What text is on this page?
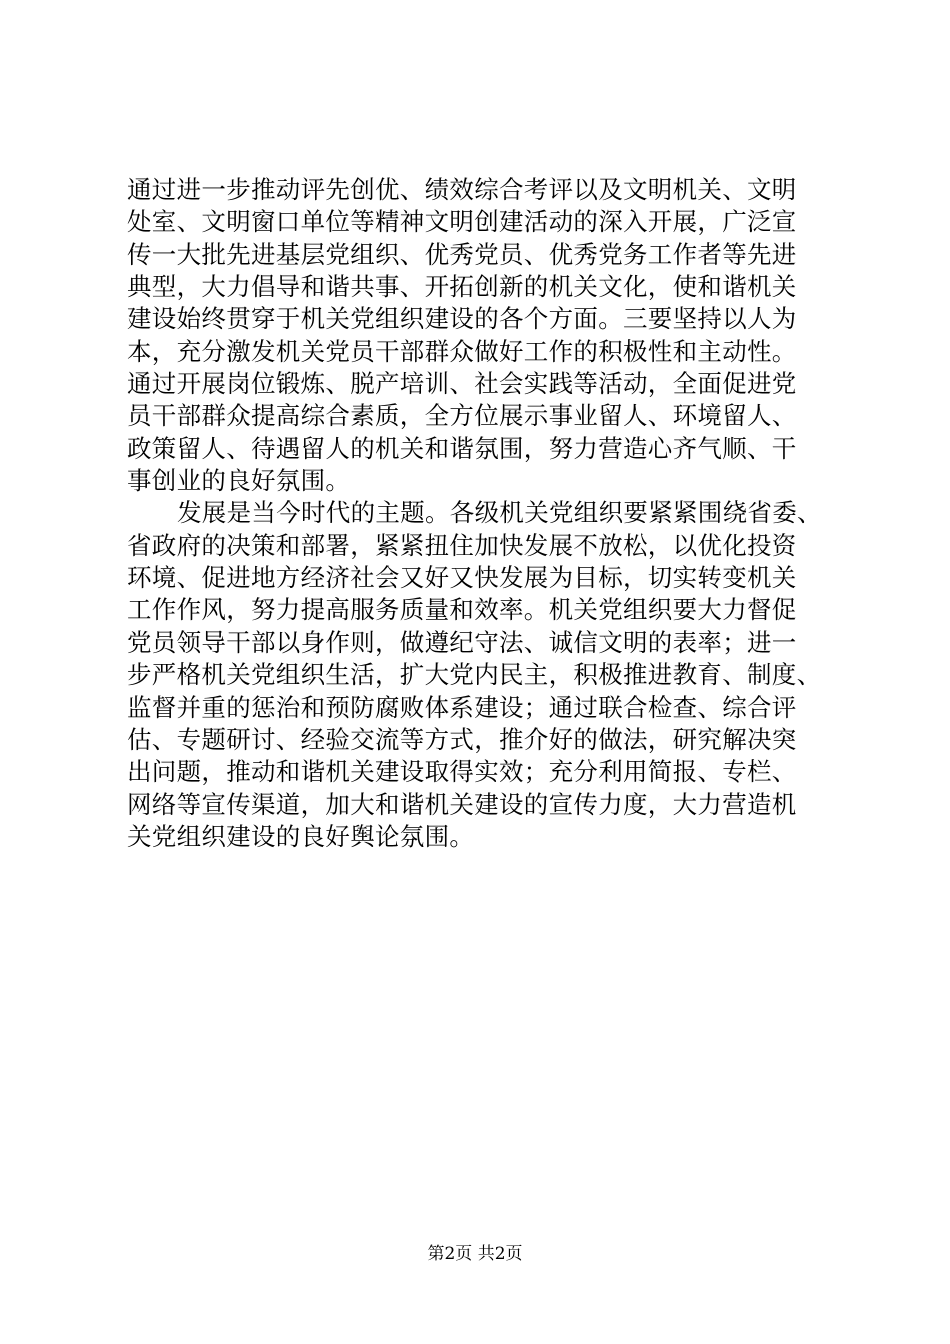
通过进一步推动评先创优、绩效综合考评以及文明机关、文明
处室、文明窗口单位等精神文明创建活动的深入开展，广泛宣
传一大批先进基层党组织、优秀党员、优秀党务工作者等先进
典型，大力倡导和谐共事、开拓创新的机关文化，使和谐机关
建设始终贯穿于机关党组织建设的各个方面。三要坚持以人为
本，充分激发机关党员干部群众做好工作的积极性和主动性。
通过开展岗位锻炼、脱产培训、社会实践等活动，全面促进党
员干部群众提高综合素质，全方位展示事业留人、环境留人、
政策留人、待遇留人的机关和谐氛围，努力营造心齐气顺、干
事创业的良好氛围。
发展是当今时代的主题。各级机关党组织要紧紧围绕省委、
省政府的决策和部署，紧紧扭住加快发展不放松，以优化投资
环境、促进地方经济社会又好又快发展为目标，切实转变机关
工作作风，努力提高服务质量和效率。机关党组织要大力督促
党员领导干部以身作则，做遵纪守法、诚信文明的表率；进一
步严格机关党组织生活，扩大党内民主，积极推进教育、制度、
监督并重的惩治和预防腐败体系建设；通过联合检查、综合评
估、专题研讨、经验交流等方式，推介好的做法，研究解决突
出问题，推动和谐机关建设取得实效；充分利用简报、专栏、
网络等宣传渠道，加大和谐机关建设的宣传力度，大力营造机
关党组织建设的良好舆论氛围。
第2页 共2页
